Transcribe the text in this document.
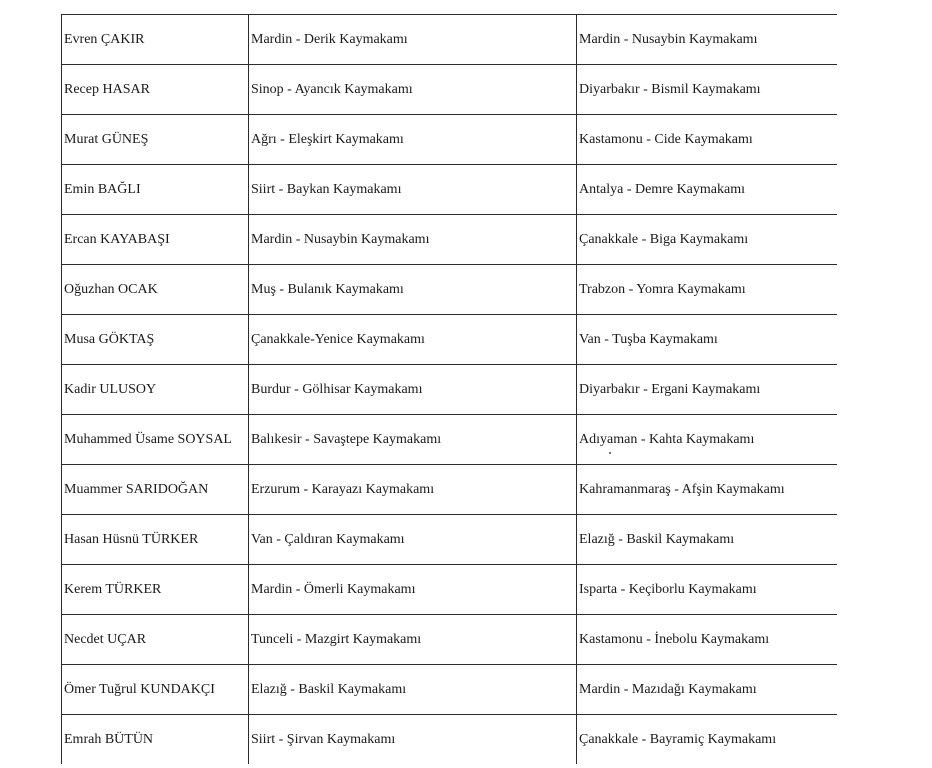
Evren ÇAKIR	Mardin - Derik Kaymakamı	Mardin - Nusaybin Kaymakamı
Recep HASAR	Sinop - Ayancık Kaymakamı	Diyarbakır - Bismil Kaymakamı
Murat GÜNEŞ	Ağrı - Eleşkirt Kaymakamı	Kastamonu - Cide Kaymakamı
Emin BAĞLI	Siirt - Baykan Kaymakamı	Antalya - Demre Kaymakamı
Ercan KAYABAŞI	Mardin - Nusaybin Kaymakamı	Çanakkale - Biga Kaymakamı
Oğuzhan OCAK	Muş - Bulanık Kaymakamı	Trabzon - Yomra Kaymakamı
Musa GÖKTAŞ	Çanakkale-Yenice Kaymakamı	Van - Tuşba Kaymakamı
Kadir ULUSOY	Burdur - Gölhisar Kaymakamı	Diyarbakır - Ergani Kaymakamı
Muhammed Üsame SOYSAL	Balıkesir - Savaştepe Kaymakamı	Adıyaman - Kahta Kaymakamı
Muammer SARIDOĞAN	Erzurum - Karayazı Kaymakamı	Kahramanmaraş - Afşin Kaymakamı
Hasan Hüsnü TÜRKER	Van - Çaldıran Kaymakamı	Elazığ - Baskil Kaymakamı
Kerem TÜRKER	Mardin - Ömerli Kaymakamı	Isparta - Keçiborlu Kaymakamı
Necdet UÇAR	Tunceli - Mazgirt Kaymakamı	Kastamonu - İnebolu Kaymakamı
Ömer Tuğrul KUNDAKÇI	Elazığ - Baskil Kaymakamı	Mardin - Mazıdağı Kaymakamı
Emrah BÜTÜN	Siirt - Şirvan Kaymakamı	Çanakkale - Bayramiç Kaymakamı
